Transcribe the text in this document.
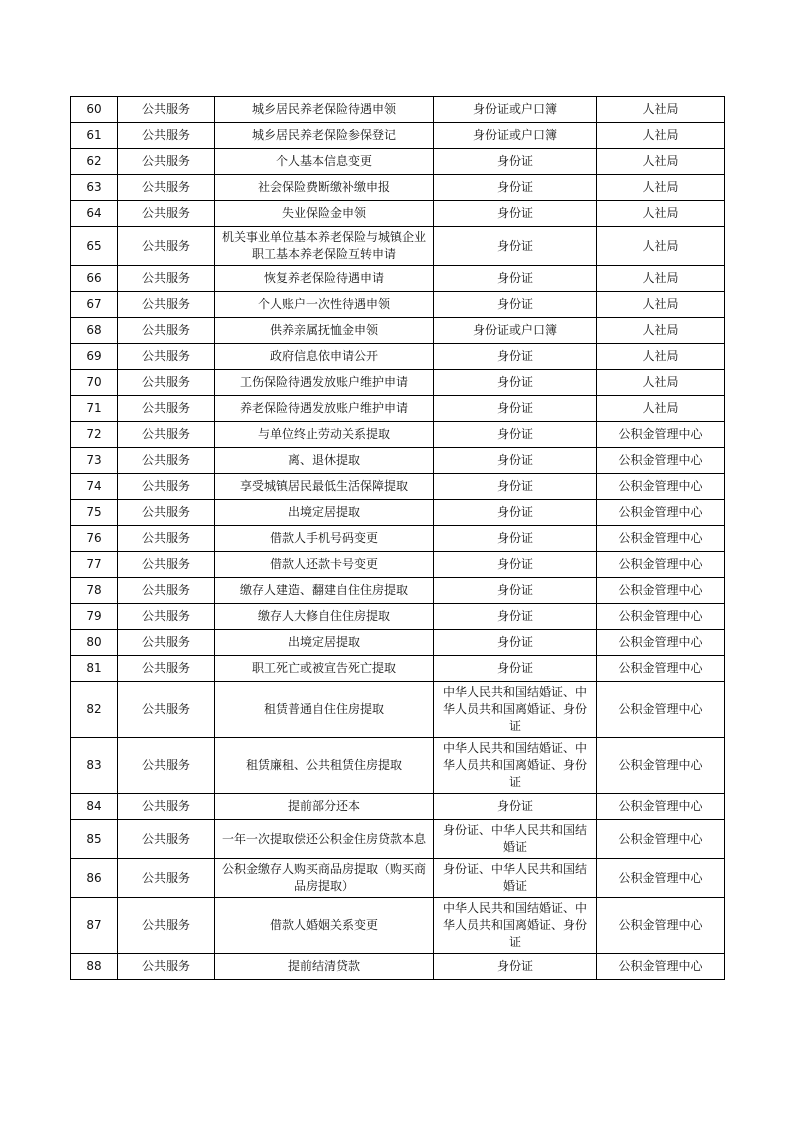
60	公共服务	城乡居民养老保险待遇申领	身份证或户口簿	人社局
61	公共服务	城乡居民养老保险参保登记	身份证或户口簿	人社局
62	公共服务	个人基本信息变更	身份证	人社局
63	公共服务	社会保险费断缴补缴申报	身份证	人社局
64	公共服务	失业保险金申领	身份证	人社局
65	公共服务	机关事业单位基本养老保险与城镇企业职工基本养老保险互转申请	身份证	人社局
66	公共服务	恢复养老保险待遇申请	身份证	人社局
67	公共服务	个人账户一次性待遇申领	身份证	人社局
68	公共服务	供养亲属抚恤金申领	身份证或户口簿	人社局
69	公共服务	政府信息依申请公开	身份证	人社局
70	公共服务	工伤保险待遇发放账户维护申请	身份证	人社局
71	公共服务	养老保险待遇发放账户维护申请	身份证	人社局
72	公共服务	与单位终止劳动关系提取	身份证	公积金管理中心
73	公共服务	离、退休提取	身份证	公积金管理中心
74	公共服务	享受城镇居民最低生活保障提取	身份证	公积金管理中心
75	公共服务	出境定居提取	身份证	公积金管理中心
76	公共服务	借款人手机号码变更	身份证	公积金管理中心
77	公共服务	借款人还款卡号变更	身份证	公积金管理中心
78	公共服务	缴存人建造、翻建自住住房提取	身份证	公积金管理中心
79	公共服务	缴存人大修自住住房提取	身份证	公积金管理中心
80	公共服务	出境定居提取	身份证	公积金管理中心
81	公共服务	职工死亡或被宣告死亡提取	身份证	公积金管理中心
82	公共服务	租赁普通自住住房提取	中华人民共和国结婚证、中华人员共和国离婚证、身份证	公积金管理中心
83	公共服务	租赁廉租、公共租赁住房提取	中华人民共和国结婚证、中华人员共和国离婚证、身份证	公积金管理中心
84	公共服务	提前部分还本	身份证	公积金管理中心
85	公共服务	一年一次提取偿还公积金住房贷款本息	身份证、中华人民共和国结婚证	公积金管理中心
86	公共服务	公积金缴存人购买商品房提取（购买商品房提取）	身份证、中华人民共和国结婚证	公积金管理中心
87	公共服务	借款人婚姻关系变更	中华人民共和国结婚证、中华人员共和国离婚证、身份证	公积金管理中心
88	公共服务	提前结清贷款	身份证	公积金管理中心
